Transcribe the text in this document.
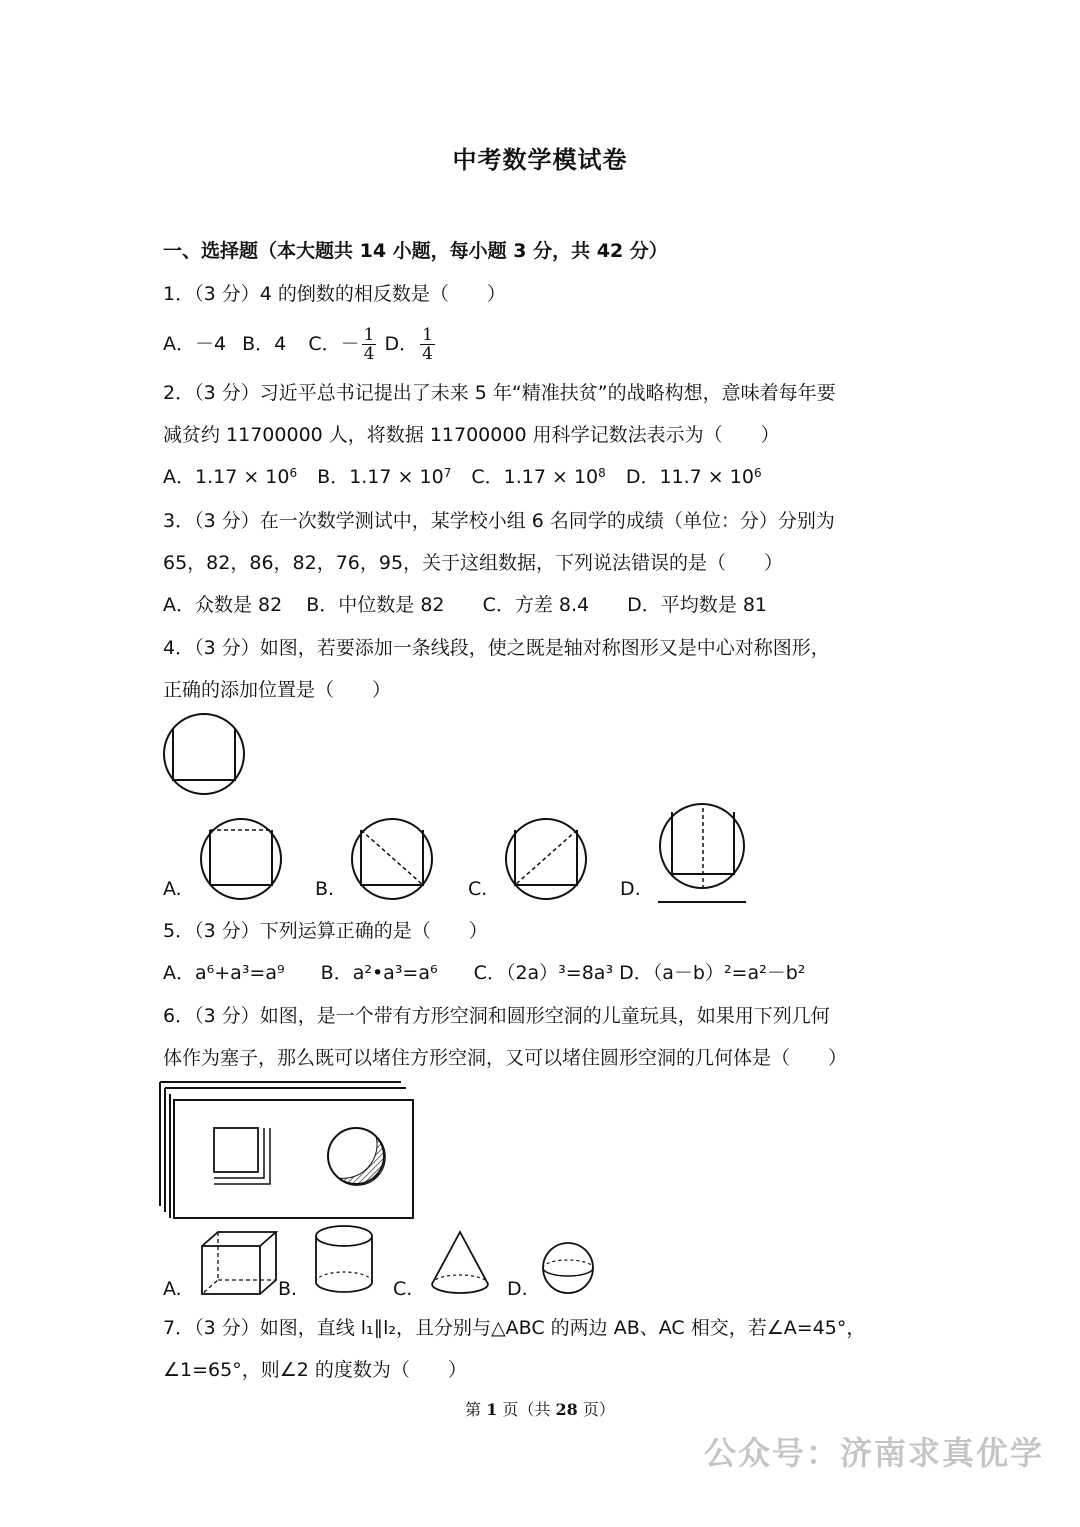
中考数学模试卷
一、选择题（本大题共 14 小题，每小题 3 分，共 42 分）
1．（3 分）4 的倒数的相反数是（　　）
A．－4 B．4 C．－ $\frac{1}{4}$ D． $\frac{1}{4}$
2．（3 分）习近平总书记提出了未来 5 年“精准扶贫”的战略构想，意味着每年要
减贫约 11700000 人，将数据 11700000 用科学记数法表示为（　　）
A．$1.17 \times 10^6$ B．$1.17 \times 10^7$ C．$1.17 \times 10^8$ D．$11.7 \times 10^6$
3．（3 分）在一次数学测试中，某学校小组 6 名同学的成绩（单位：分）分别为
65，82，86，82，76，95，关于这组数据，下列说法错误的是（　　）
A．众数是 82 B．中位数是 82 C．方差 8.4 D．平均数是 81
4．（3 分）如图，若要添加一条线段，使之既是轴对称图形又是中心对称图形，
正确的添加位置是（　　）
A.	B.	C.	D.
5．（3 分）下列运算正确的是（　　）
A．a⁶+a³=a⁹ B．a²•a³=a⁶ C．（2a）³=8a³ D．（a－b）²=a²－b²
6．（3 分）如图，是一个带有方形空洞和圆形空洞的儿童玩具，如果用下列几何
体作为塞子，那么既可以堵住方形空洞，又可以堵住圆形空洞的几何体是（　　）
A.	B.	C.	D.
7．（3 分）如图，直线 l₁∥l₂，且分别与△ABC 的两边 AB、AC 相交，若∠A=45°，
∠1=65°，则∠2 的度数为（　　）
第 1 页（共 28 页）
公众号：济南求真优学
